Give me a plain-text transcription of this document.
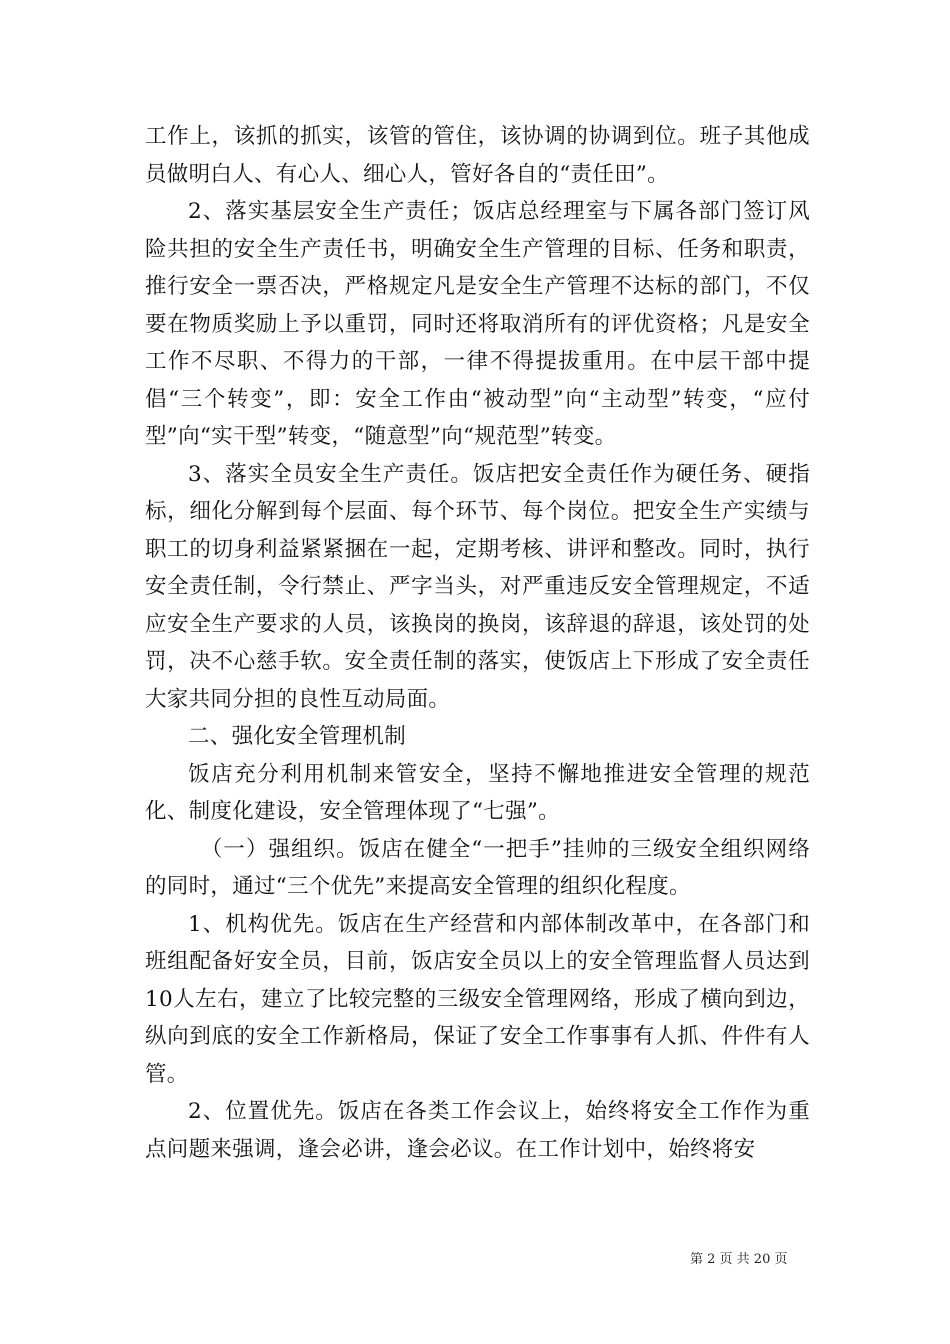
工作上，该抓的抓实，该管的管住，该协调的协调到位。班子其他成员做明白人、有心人、细心人，管好各自的“责任田”。

2、落实基层安全生产责任；饭店总经理室与下属各部门签订风险共担的安全生产责任书，明确安全生产管理的目标、任务和职责，推行安全一票否决，严格规定凡是安全生产管理不达标的部门，不仅要在物质奖励上予以重罚，同时还将取消所有的评优资格；凡是安全工作不尽职、不得力的干部，一律不得提拔重用。在中层干部中提倡“三个转变”，即：安全工作由“被动型”向“主动型”转变，“应付型”向“实干型”转变，“随意型”向“规范型”转变。

3、落实全员安全生产责任。饭店把安全责任作为硬任务、硬指标，细化分解到每个层面、每个环节、每个岗位。把安全生产实绩与职工的切身利益紧紧捆在一起，定期考核、讲评和整改。同时，执行安全责任制，令行禁止、严字当头，对严重违反安全管理规定，不适应安全生产要求的人员，该换岗的换岗，该辞退的辞退，该处罚的处罚，决不心慈手软。安全责任制的落实，使饭店上下形成了安全责任大家共同分担的良性互动局面。

二、强化安全管理机制

饭店充分利用机制来管安全，坚持不懈地推进安全管理的规范化、制度化建设，安全管理体现了“七强”。

（一）强组织。饭店在健全“一把手”挂帅的三级安全组织网络的同时，通过“三个优先”来提高安全管理的组织化程度。

1、机构优先。饭店在生产经营和内部体制改革中，在各部门和班组配备好安全员，目前，饭店安全员以上的安全管理监督人员达到10人左右，建立了比较完整的三级安全管理网络，形成了横向到边，纵向到底的安全工作新格局，保证了安全工作事事有人抓、件件有人管。

2、位置优先。饭店在各类工作会议上，始终将安全工作作为重点问题来强调，逢会必讲，逢会必议。在工作计划中，始终将安

第 2 页 共 20 页
